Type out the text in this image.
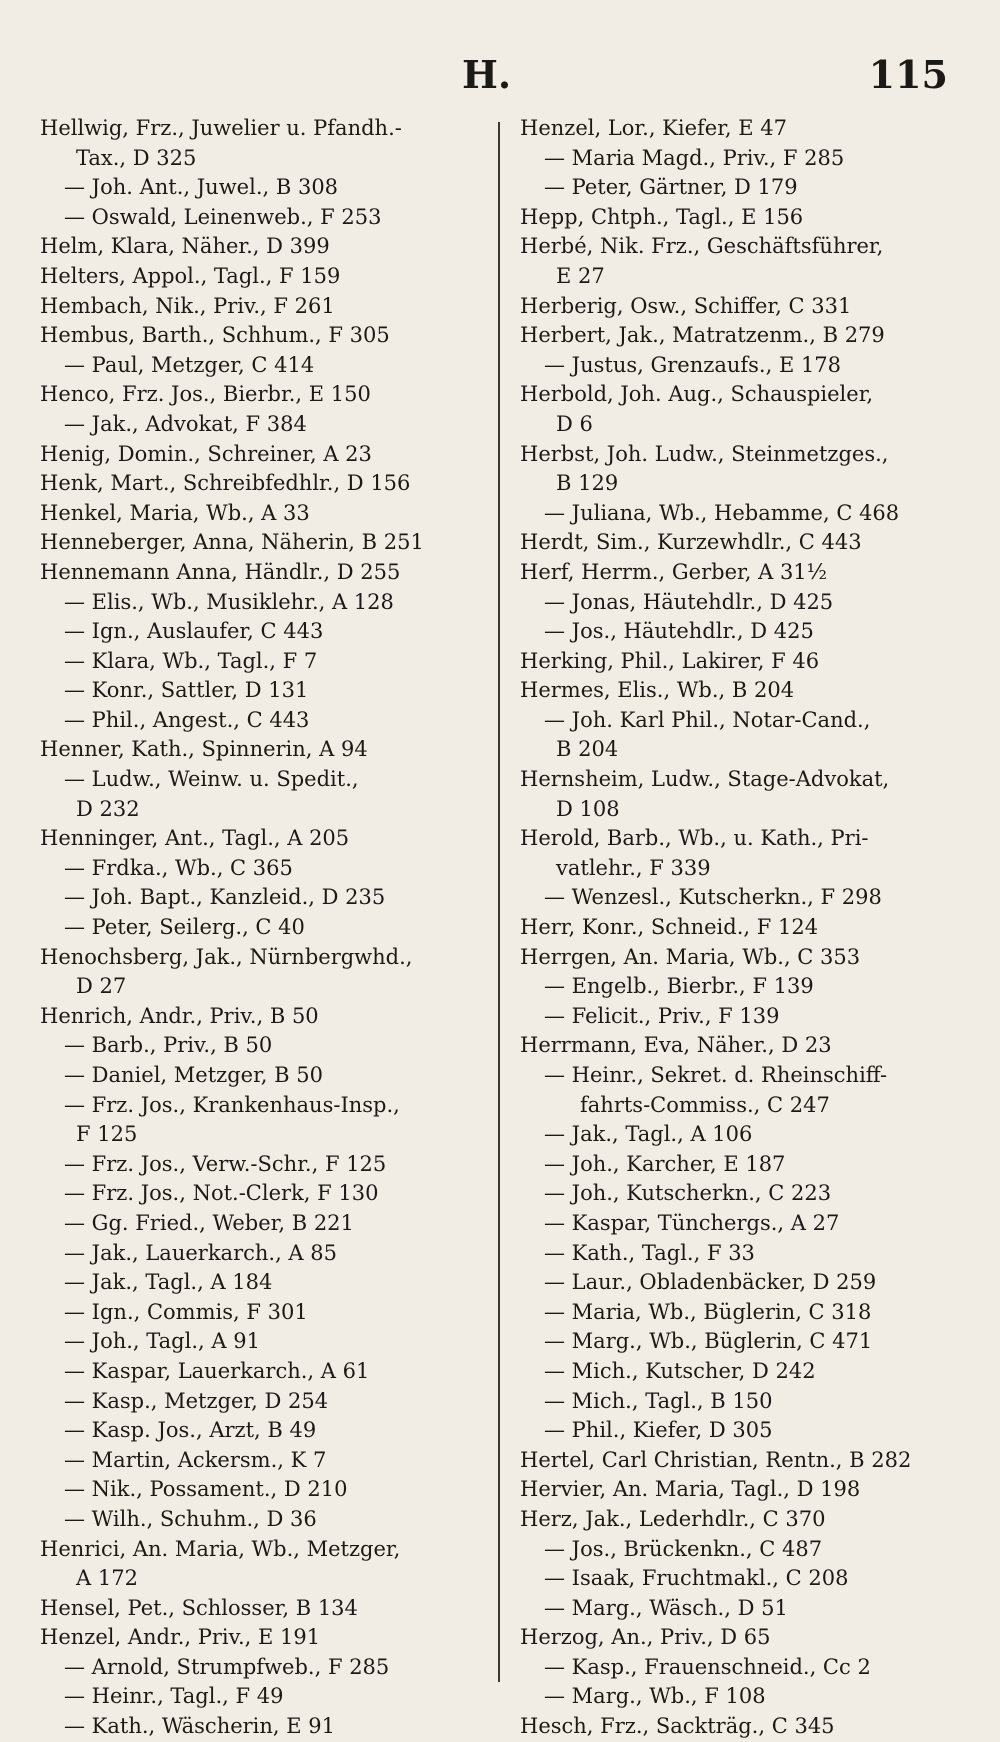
H.	115
Hellwig, Frz., Juwelier u. Pfandh.-
Tax., D 325
— Joh. Ant., Juwel., B 308
— Oswald, Leinenweb., F 253
Helm, Klara, Näher., D 399
Helters, Appol., Tagl., F 159
Hembach, Nik., Priv., F 261
Hembus, Barth., Schhum., F 305
— Paul, Metzger, C 414
Henco, Frz. Jos., Bierbr., E 150
— Jak., Advokat, F 384
Henig, Domin., Schreiner, A 23
Henk, Mart., Schreibfedhlr., D 156
Henkel, Maria, Wb., A 33
Henneberger, Anna, Näherin, B 251
Hennemann Anna, Händlr., D 255
— Elis., Wb., Musiklehr., A 128
— Ign., Auslaufer, C 443
— Klara, Wb., Tagl., F 7
— Konr., Sattler, D 131
— Phil., Angest., C 443
Henner, Kath., Spinnerin, A 94
— Ludw., Weinw. u. Spedit.,
D 232
Henninger, Ant., Tagl., A 205
— Frdka., Wb., C 365
— Joh. Bapt., Kanzleid., D 235
— Peter, Seilerg., C 40
Henochsberg, Jak., Nürnbergwhd.,
D 27
Henrich, Andr., Priv., B 50
— Barb., Priv., B 50
— Daniel, Metzger, B 50
— Frz. Jos., Krankenhaus-Insp.,
F 125
— Frz. Jos., Verw.-Schr., F 125
— Frz. Jos., Not.-Clerk, F 130
— Gg. Fried., Weber, B 221
— Jak., Lauerkarch., A 85
— Jak., Tagl., A 184
— Ign., Commis, F 301
— Joh., Tagl., A 91
— Kaspar, Lauerkarch., A 61
— Kasp., Metzger, D 254
— Kasp. Jos., Arzt, B 49
— Martin, Ackersm., K 7
— Nik., Possament., D 210
— Wilh., Schuhm., D 36
Henrici, An. Maria, Wb., Metzger,
A 172
Hensel, Pet., Schlosser, B 134
Henzel, Andr., Priv., E 191
— Arnold, Strumpfweb., F 285
— Heinr., Tagl., F 49
— Kath., Wäscherin, E 91
Henzel, Lor., Kiefer, E 47
— Maria Magd., Priv., F 285
— Peter, Gärtner, D 179
Hepp, Chtph., Tagl., E 156
Herbé, Nik. Frz., Geschäftsführer,
E 27
Herberig, Osw., Schiffer, C 331
Herbert, Jak., Matratzenm., B 279
— Justus, Grenzaufs., E 178
Herbold, Joh. Aug., Schauspieler,
D 6
Herbst, Joh. Ludw., Steinmetzges.,
B 129
— Juliana, Wb., Hebamme, C 468
Herdt, Sim., Kurzewhdlr., C 443
Herf, Herrm., Gerber, A 31½
— Jonas, Häutehdlr., D 425
— Jos., Häutehdlr., D 425
Herking, Phil., Lakirer, F 46
Hermes, Elis., Wb., B 204
— Joh. Karl Phil., Notar-Cand.,
B 204
Hernsheim, Ludw., Stage-Advokat,
D 108
Herold, Barb., Wb., u. Kath., Pri-
vatlehr., F 339
— Wenzesl., Kutscherkn., F 298
Herr, Konr., Schneid., F 124
Herrgen, An. Maria, Wb., C 353
— Engelb., Bierbr., F 139
— Felicit., Priv., F 139
Herrmann, Eva, Näher., D 23
— Heinr., Sekret. d. Rheinschiff-
fahrts-Commiss., C 247
— Jak., Tagl., A 106
— Joh., Karcher, E 187
— Joh., Kutscherkn., C 223
— Kaspar, Tünchergs., A 27
— Kath., Tagl., F 33
— Laur., Obladenbäcker, D 259
— Maria, Wb., Büglerin, C 318
— Marg., Wb., Büglerin, C 471
— Mich., Kutscher, D 242
— Mich., Tagl., B 150
— Phil., Kiefer, D 305
Hertel, Carl Christian, Rentn., B 282
Hervier, An. Maria, Tagl., D 198
Herz, Jak., Lederhdlr., C 370
— Jos., Brückenkn., C 487
— Isaak, Fruchtmakl., C 208
— Marg., Wäsch., D 51
Herzog, An., Priv., D 65
— Kasp., Frauenschneid., Cc 2
— Marg., Wb., F 108
Hesch, Frz., Sackträg., C 345
